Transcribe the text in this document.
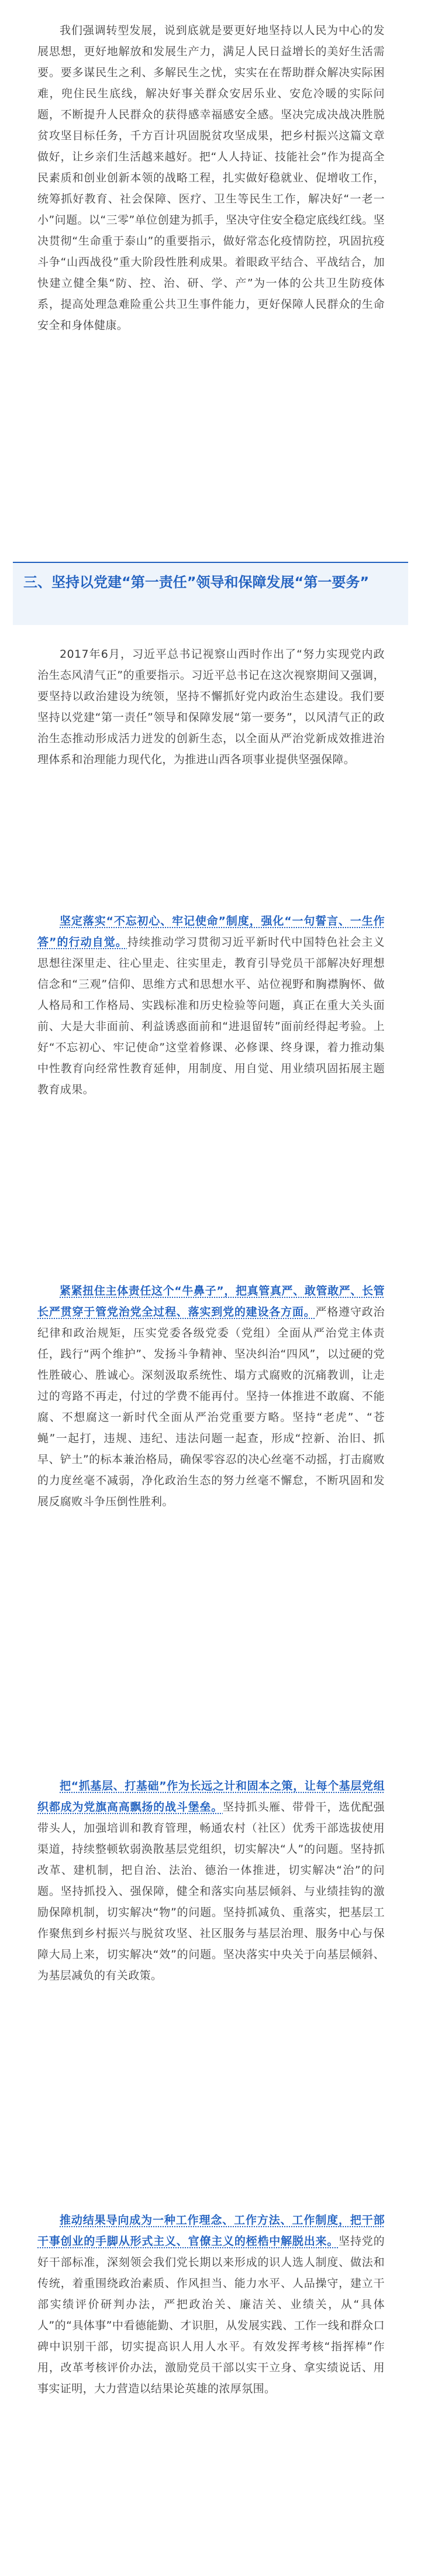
我们强调转型发展，说到底就是要更好地坚持以人民为中心的发展思想，更好地解放和发展生产力，满足人民日益增长的美好生活需要。要多谋民生之利、多解民生之忧，实实在在帮助群众解决实际困难，兜住民生底线，解决好事关群众安居乐业、安危冷暖的实际问题，不断提升人民群众的获得感幸福感安全感。坚决完成决战决胜脱贫攻坚目标任务，千方百计巩固脱贫攻坚成果，把乡村振兴这篇文章做好，让乡亲们生活越来越好。把“人人持证、技能社会”作为提高全民素质和创业创新本领的战略工程，扎实做好稳就业、促增收工作，统筹抓好教育、社会保障、医疗、卫生等民生工作，解决好“一老一小”问题。以“三零”单位创建为抓手，坚决守住安全稳定底线红线。坚决贯彻“生命重于泰山”的重要指示，做好常态化疫情防控，巩固抗疫斗争“山西战役”重大阶段性胜利成果。着眼政平结合、平战结合，加快建立健全集“防、控、治、研、学、产”为一体的公共卫生防疫体系，提高处理急难险重公共卫生事件能力，更好保障人民群众的生命安全和身体健康。

三、坚持以党建“第一责任”领导和保障发展“第一要务”

2017年6月，习近平总书记视察山西时作出了“努力实现党内政治生态风清气正”的重要指示。习近平总书记在这次视察期间又强调，要坚持以政治建设为统领，坚持不懈抓好党内政治生态建设。我们要坚持以党建“第一责任”领导和保障发展“第一要务”，以风清气正的政治生态推动形成活力迸发的创新生态，以全面从严治党新成效推进治理体系和治理能力现代化，为推进山西各项事业提供坚强保障。

坚定落实“不忘初心、牢记使命”制度，强化“一句誓言、一生作答”的行动自觉。持续推动学习贯彻习近平新时代中国特色社会主义思想往深里走、往心里走、往实里走，教育引导党员干部解决好理想信念和“三观”信仰、思维方式和思想水平、站位视野和胸襟胸怀、做人格局和工作格局、实践标准和历史检验等问题，真正在重大关头面前、大是大非面前、利益诱惑面前和“进退留转”面前经得起考验。上好“不忘初心、牢记使命”这堂着修课、必修课、终身课，着力推动集中性教育向经常性教育延伸，用制度、用自觉、用业绩巩固拓展主题教育成果。

紧紧扭住主体责任这个“牛鼻子”，把真管真严、敢管敢严、长管长严贯穿于管党治党全过程、落实到党的建设各方面。严格遵守政治纪律和政治规矩，压实党委各级党委（党组）全面从严治党主体责任，践行“两个维护”、发扬斗争精神、坚决纠治“四风”，以过硬的党性胜破心、胜诚心。深刻汲取系统性、塌方式腐败的沉痛教训，让走过的弯路不再走，付过的学费不能再付。坚持一体推进不敢腐、不能腐、不想腐这一新时代全面从严治党重要方略。坚持“老虎”、“苍蝇”一起打，违规、违纪、违法问题一起查，形成“控新、治旧、抓早、铲土”的标本兼治格局，确保零容忍的决心丝毫不动摇，打击腐败的力度丝毫不减弱，净化政治生态的努力丝毫不懈怠，不断巩固和发展反腐败斗争压倒性胜利。

把“抓基层、打基础”作为长远之计和固本之策，让每个基层党组织都成为党旗高高飘扬的战斗堡垒。坚持抓头雁、带骨干，选优配强带头人，加强培训和教育管理，畅通农村（社区）优秀干部选拔使用渠道，持续整顿软弱涣散基层党组织，切实解决“人”的问题。坚持抓改革、建机制，把自治、法治、德治一体推进，切实解决“治”的问题。坚持抓投入、强保障，健全和落实向基层倾斜、与业绩挂钩的激励保障机制，切实解决“物”的问题。坚持抓减负、重落实，把基层工作聚焦到乡村振兴与脱贫攻坚、社区服务与基层治理、服务中心与保障大局上来，切实解决“效”的问题。坚决落实中央关于向基层倾斜、为基层减负的有关政策。

推动结果导向成为一种工作理念、工作方法、工作制度，把干部干事创业的手脚从形式主义、官僚主义的桎梏中解脱出来。坚持党的好干部标准，深刻领会我们党长期以来形成的识人选人制度、做法和传统，着重围绕政治素质、作风担当、能力水平、人品操守，建立干部实绩评价研判办法，严把政治关、廉洁关、业绩关，从“具体人”的“具体事”中看德能勤、才识胆，从发展实践、工作一线和群众口碑中识别干部，切实提高识人用人水平。有效发挥考核“指挥棒”作用，改革考核评价办法，激励党员干部以实干立身、拿实绩说话、用事实证明，大力营造以结果论英雄的浓厚氛围。
